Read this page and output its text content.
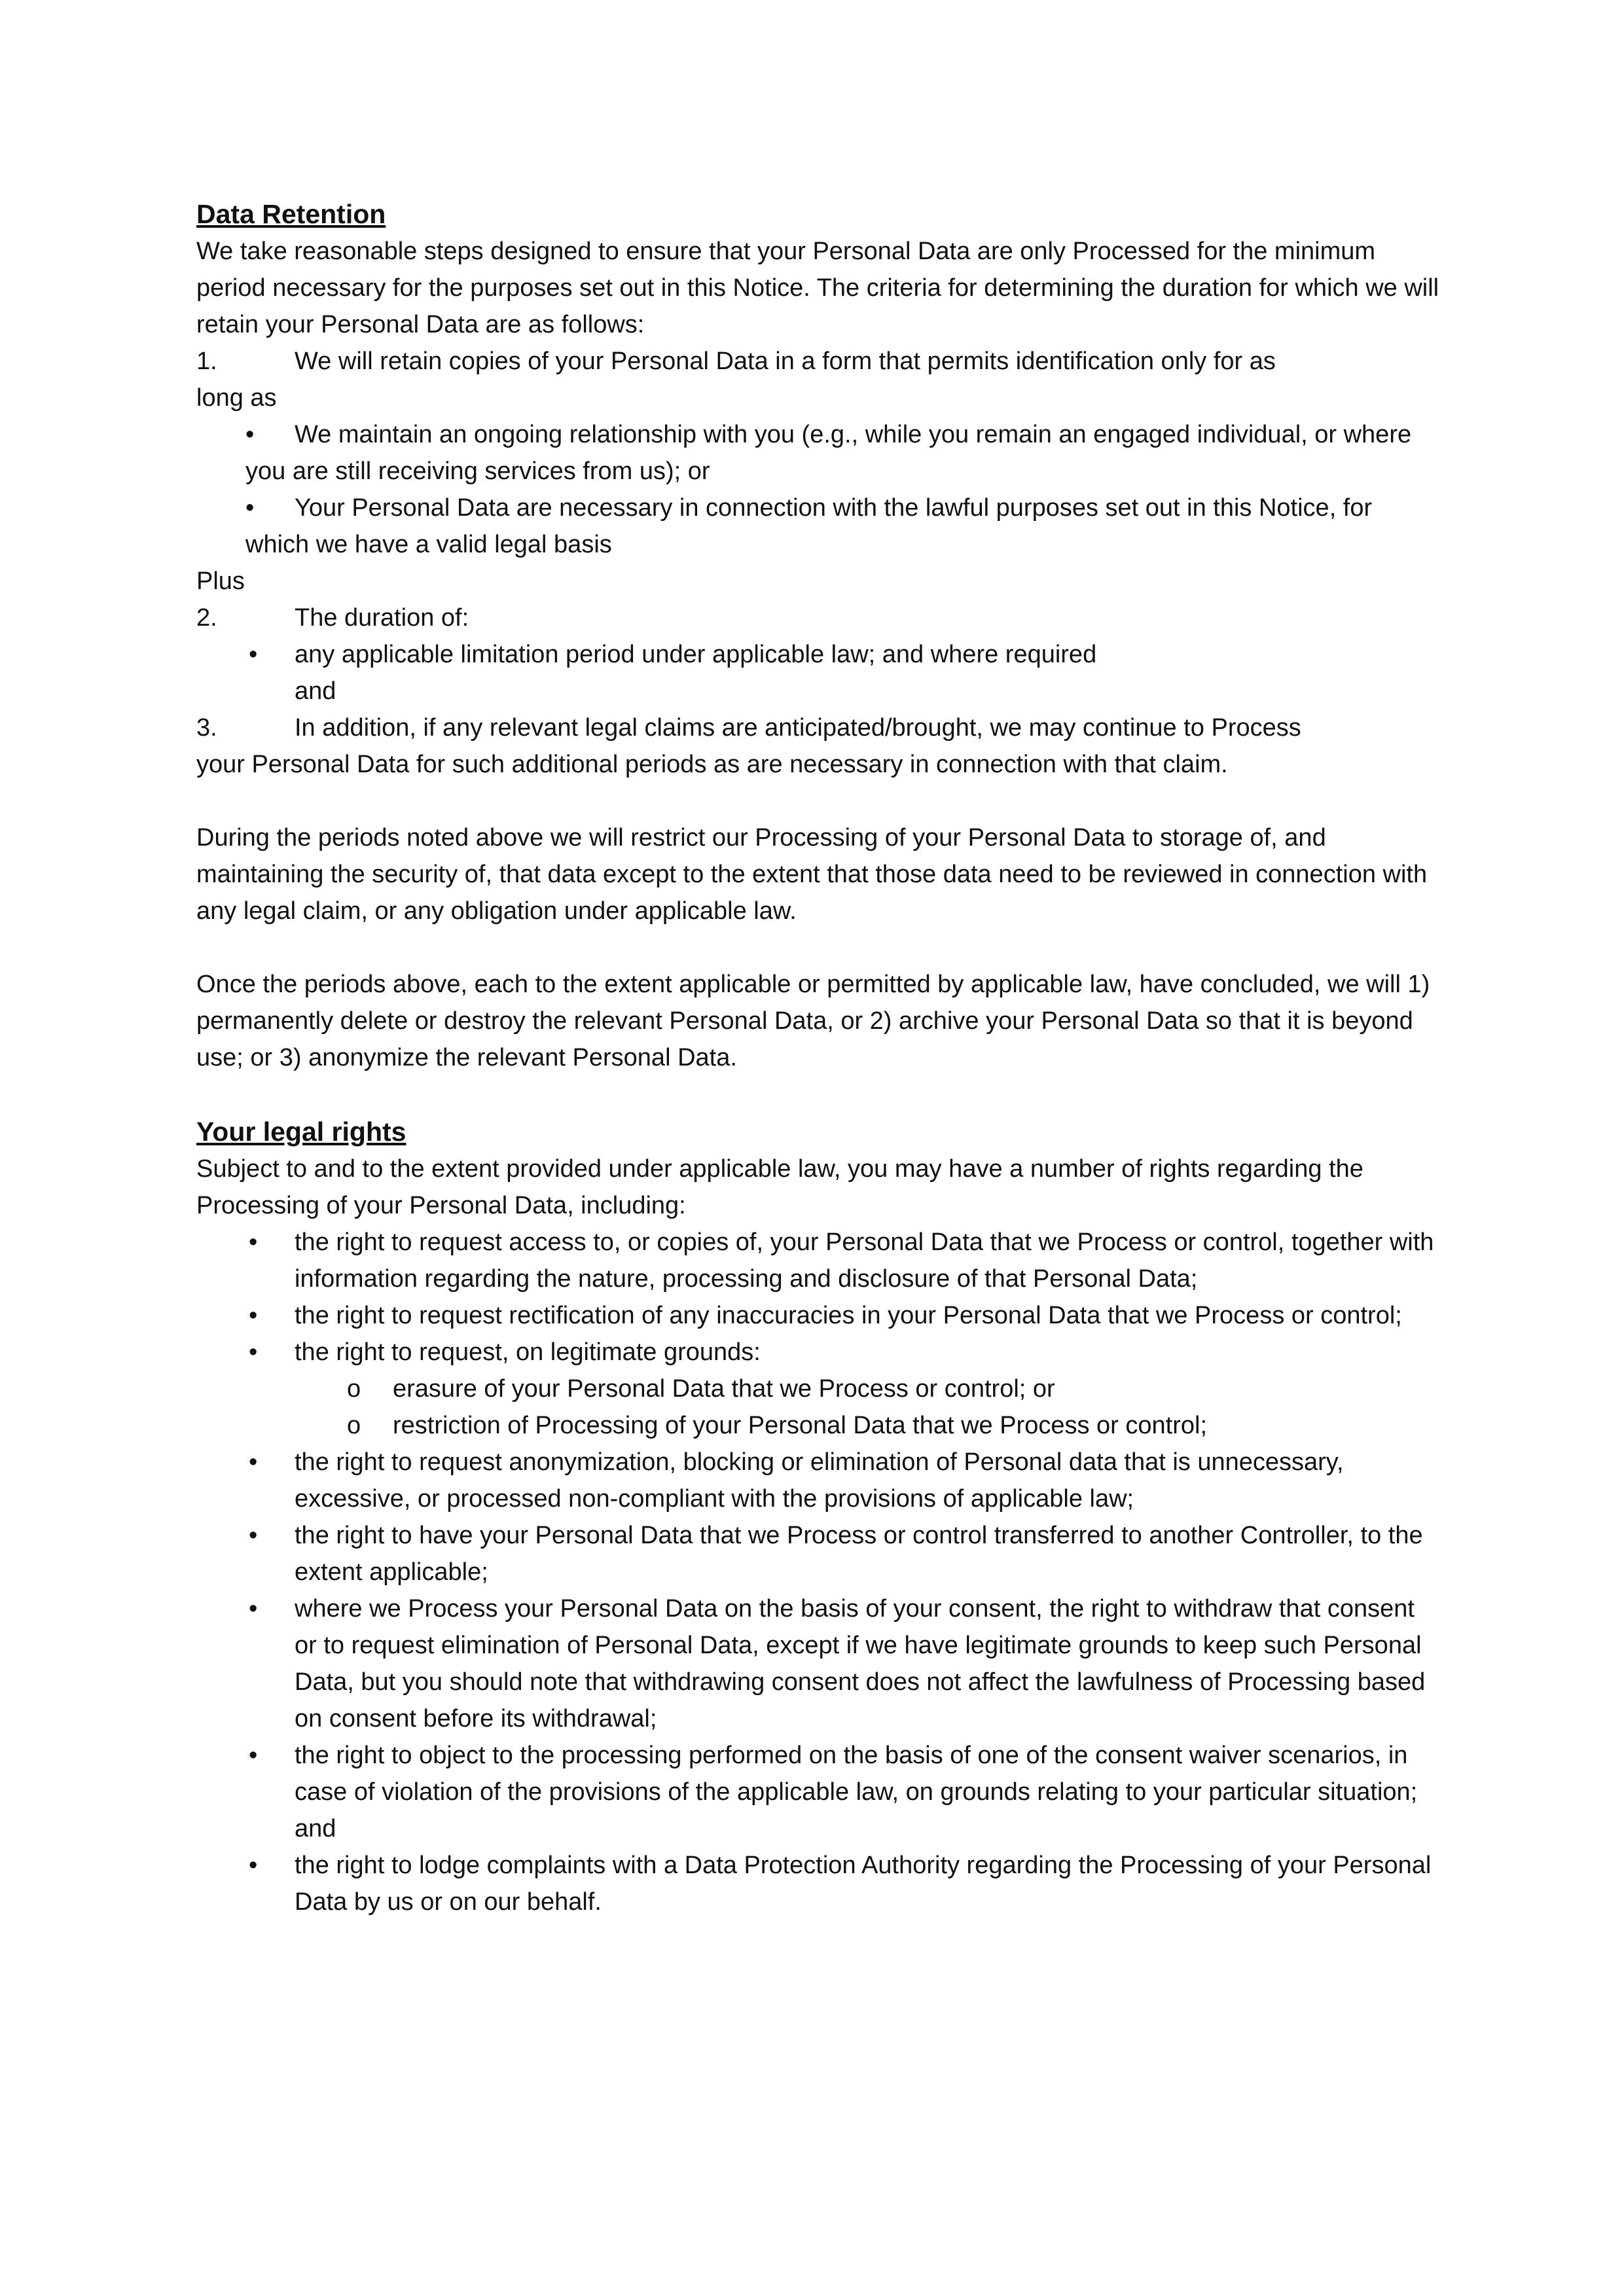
Data Retention

We take reasonable steps designed to ensure that your Personal Data are only Processed for the minimum period necessary for the purposes set out in this Notice. The criteria for determining the duration for which we will retain your Personal Data are as follows:

1.	We will retain copies of your Personal Data in a form that permits identification only for as

long as

• We maintain an ongoing relationship with you (e.g., while you remain an engaged individual, or where you are still receiving services from us); or
• Your Personal Data are necessary in connection with the lawful purposes set out in this Notice, for which we have a valid legal basis

Plus

2.	The duration of:
• any applicable limitation period under applicable law; and where required

and

3.	In addition, if any relevant legal claims are anticipated/brought, we may continue to Process

your Personal Data for such additional periods as are necessary in connection with that claim.

During the periods noted above we will restrict our Processing of your Personal Data to storage of, and maintaining the security of, that data except to the extent that those data need to be reviewed in connection with any legal claim, or any obligation under applicable law.

Once the periods above, each to the extent applicable or permitted by applicable law, have concluded, we will 1) permanently delete or destroy the relevant Personal Data, or 2) archive your Personal Data so that it is beyond use; or 3) anonymize the relevant Personal Data.

Your legal rights

Subject to and to the extent provided under applicable law, you may have a number of rights regarding the Processing of your Personal Data, including:

• the right to request access to, or copies of, your Personal Data that we Process or control, together with information regarding the nature, processing and disclosure of that Personal Data;
• the right to request rectification of any inaccuracies in your Personal Data that we Process or control;
• the right to request, on legitimate grounds:
o erasure of your Personal Data that we Process or control; or
o restriction of Processing of your Personal Data that we Process or control;
• the right to request anonymization, blocking or elimination of Personal data that is unnecessary, excessive, or processed non-compliant with the provisions of applicable law;
• the right to have your Personal Data that we Process or control transferred to another Controller, to the extent applicable;
• where we Process your Personal Data on the basis of your consent, the right to withdraw that consent or to request elimination of Personal Data, except if we have legitimate grounds to keep such Personal Data, but you should note that withdrawing consent does not affect the lawfulness of Processing based on consent before its withdrawal;
• the right to object to the processing performed on the basis of one of the consent waiver scenarios, in case of violation of the provisions of the applicable law, on grounds relating to your particular situation; and
• the right to lodge complaints with a Data Protection Authority regarding the Processing of your Personal Data by us or on our behalf.
